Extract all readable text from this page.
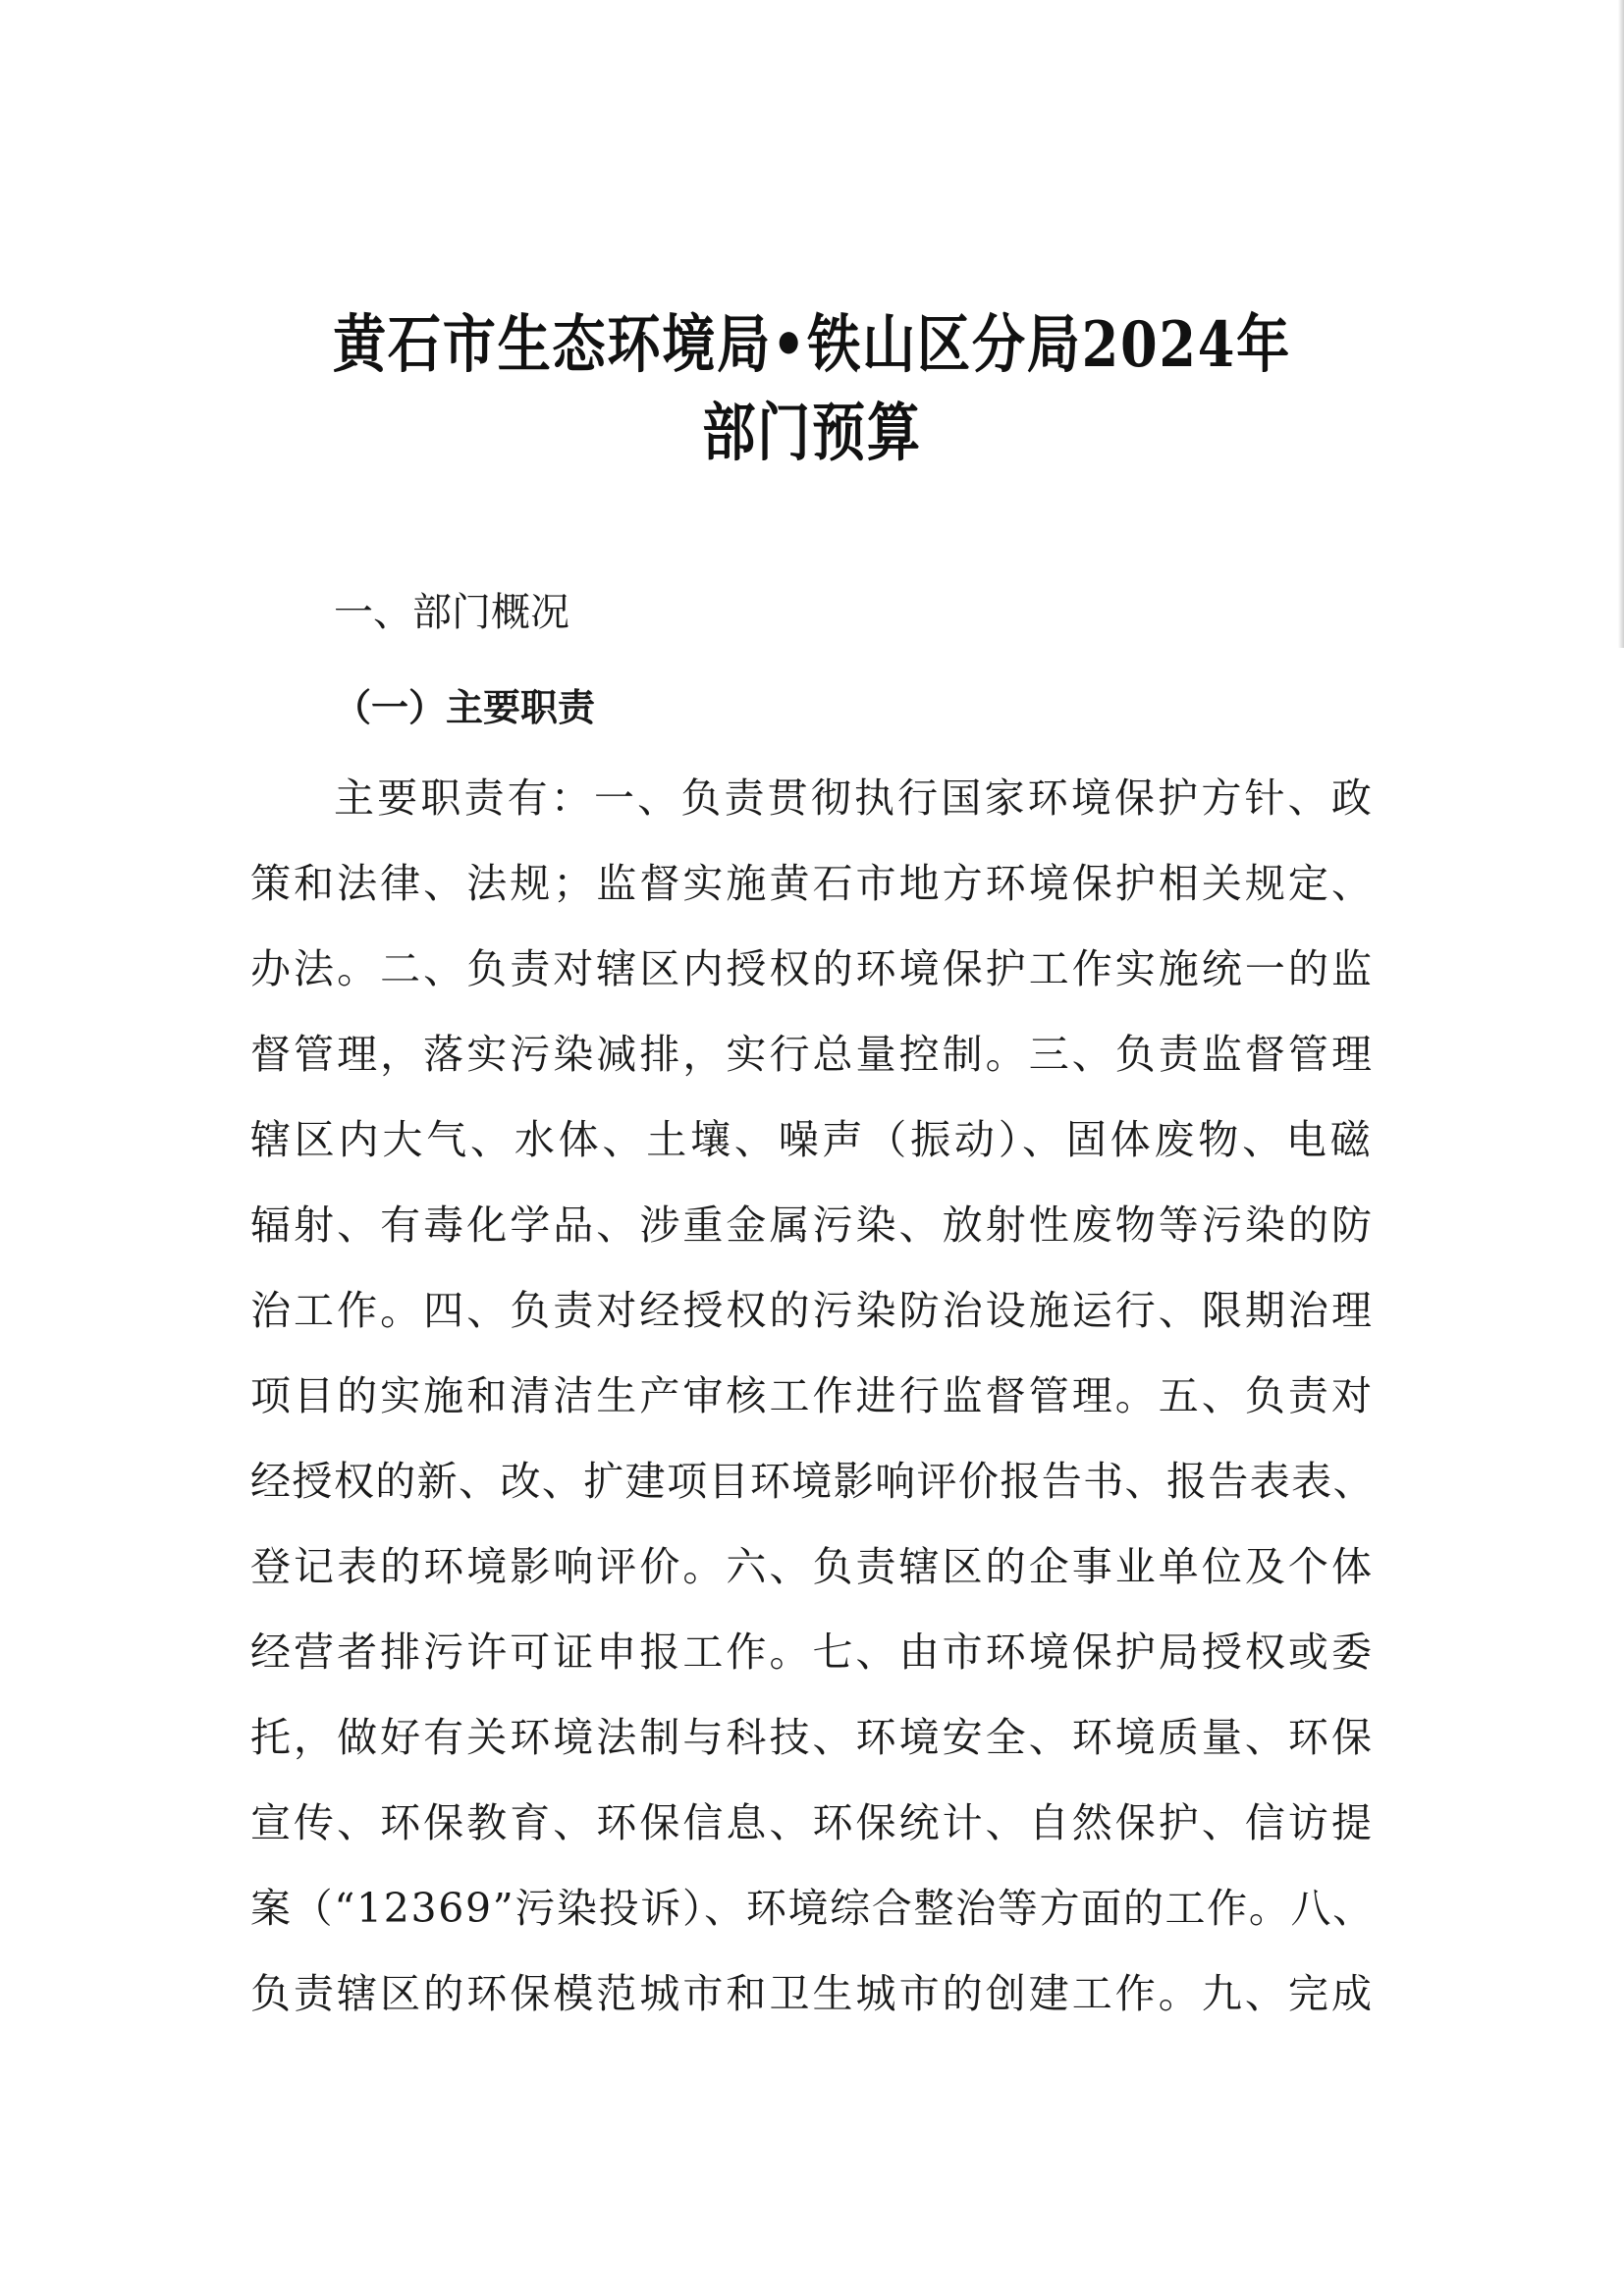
黄石市生态环境局•铁山区分局2024年
部门预算
一、部门概况
（一）主要职责
主要职责有：一、负责贯彻执行国家环境保护方针、政
策和法律、法规；监督实施黄石市地方环境保护相关规定、
办法。二、负责对辖区内授权的环境保护工作实施统一的监
督管理，落实污染减排，实行总量控制。三、负责监督管理
辖区内大气、水体、土壤、噪声（振动）、固体废物、电磁
辐射、有毒化学品、涉重金属污染、放射性废物等污染的防
治工作。四、负责对经授权的污染防治设施运行、限期治理
项目的实施和清洁生产审核工作进行监督管理。五、负责对
经授权的新、改、扩建项目环境影响评价报告书、报告表表、
登记表的环境影响评价。六、负责辖区的企事业单位及个体
经营者排污许可证申报工作。七、由市环境保护局授权或委
托，做好有关环境法制与科技、环境安全、环境质量、环保
宣传、环保教育、环保信息、环保统计、自然保护、信访提
案（“12369”污染投诉）、环境综合整治等方面的工作。八、
负责辖区的环保模范城市和卫生城市的创建工作。九、完成
